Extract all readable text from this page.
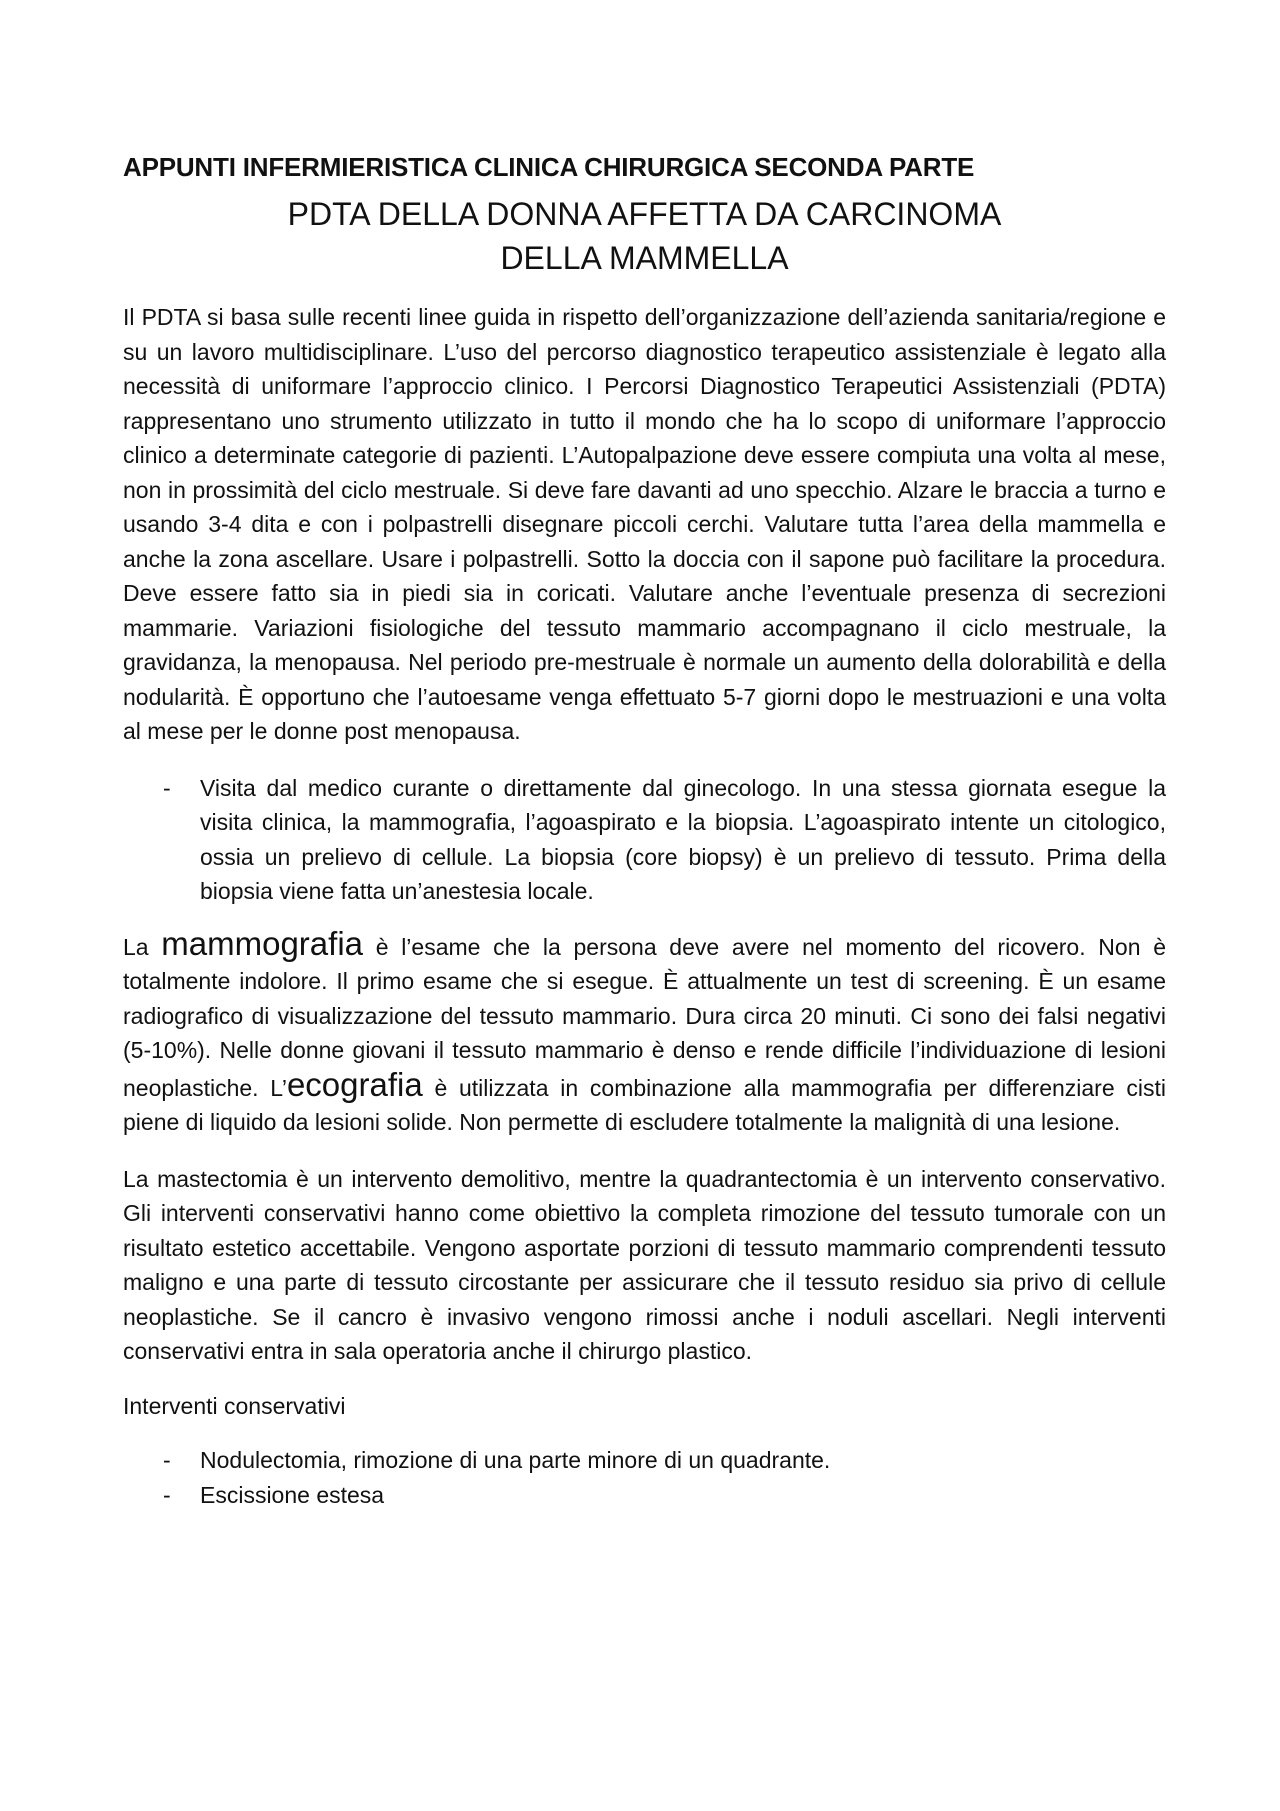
APPUNTI INFERMIERISTICA CLINICA CHIRURGICA SECONDA PARTE
PDTA DELLA DONNA AFFETTA DA CARCINOMA DELLA MAMMELLA

Il PDTA si basa sulle recenti linee guida in rispetto dell’organizzazione dell’azienda sanitaria/regione e su un lavoro multidisciplinare. L’uso del percorso diagnostico terapeutico assistenziale è legato alla necessità di uniformare l’approccio clinico. I Percorsi Diagnostico Terapeutici Assistenziali (PDTA) rappresentano uno strumento utilizzato in tutto il mondo che ha lo scopo di uniformare l’approccio clinico a determinate categorie di pazienti. L’Autopalpazione deve essere compiuta una volta al mese, non in prossimità del ciclo mestruale. Si deve fare davanti ad uno specchio. Alzare le braccia a turno e usando 3-4 dita e con i polpastrelli disegnare piccoli cerchi. Valutare tutta l’area della mammella e anche la zona ascellare. Usare i polpastrelli. Sotto la doccia con il sapone può facilitare la procedura. Deve essere fatto sia in piedi sia in coricati. Valutare anche l’eventuale presenza di secrezioni mammarie. Variazioni fisiologiche del tessuto mammario accompagnano il ciclo mestruale, la gravidanza, la menopausa. Nel periodo pre-mestruale è normale un aumento della dolorabilità e della nodularità. È opportuno che l’autoesame venga effettuato 5-7 giorni dopo le mestruazioni e una volta al mese per le donne post menopausa.

- Visita dal medico curante o direttamente dal ginecologo. In una stessa giornata esegue la visita clinica, la mammografia, l’agoaspirato e la biopsia. L’agoaspirato intente un citologico, ossia un prelievo di cellule. La biopsia (core biopsy) è un prelievo di tessuto. Prima della biopsia viene fatta un’anestesia locale.

La mammografia è l’esame che la persona deve avere nel momento del ricovero. Non è totalmente indolore. Il primo esame che si esegue. È attualmente un test di screening. È un esame radiografico di visualizzazione del tessuto mammario. Dura circa 20 minuti. Ci sono dei falsi negativi (5-10%). Nelle donne giovani il tessuto mammario è denso e rende difficile l’individuazione di lesioni neoplastiche. L’ecografia è utilizzata in combinazione alla mammografia per differenziare cisti piene di liquido da lesioni solide. Non permette di escludere totalmente la malignità di una lesione.

La mastectomia è un intervento demolitivo, mentre la quadrantectomia è un intervento conservativo. Gli interventi conservativi hanno come obiettivo la completa rimozione del tessuto tumorale con un risultato estetico accettabile. Vengono asportate porzioni di tessuto mammario comprendenti tessuto maligno e una parte di tessuto circostante per assicurare che il tessuto residuo sia privo di cellule neoplastiche. Se il cancro è invasivo vengono rimossi anche i noduli ascellari. Negli interventi conservativi entra in sala operatoria anche il chirurgo plastico.

Interventi conservativi
- Nodulectomia, rimozione di una parte minore di un quadrante.
- Escissione estesa
